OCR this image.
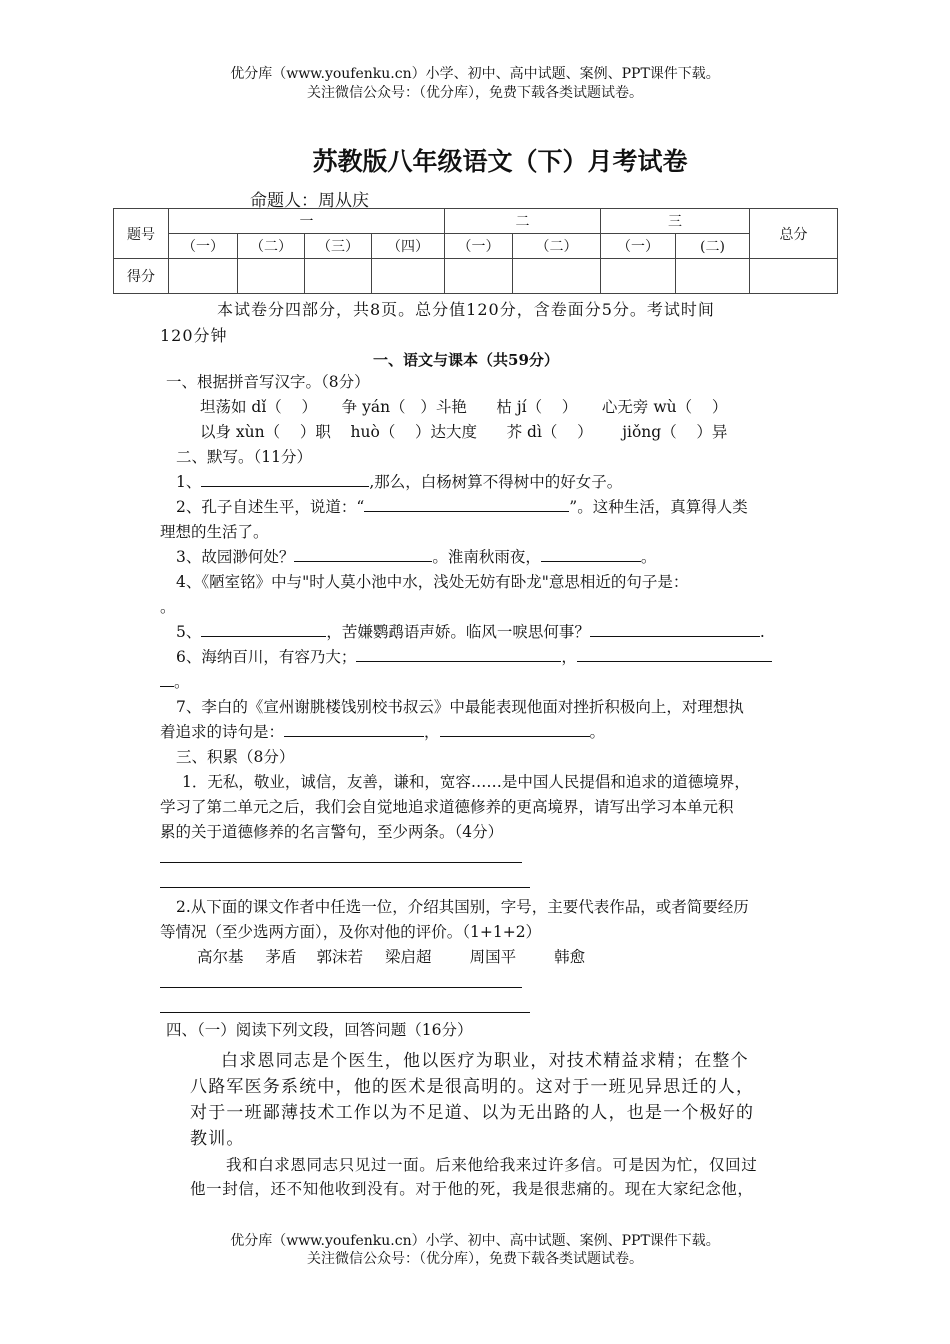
优分库（www.youfenku.cn）小学、初中、高中试题、案例、PPT课件下载。
关注微信公众号：（优分库），免费下载各类试题试卷。
苏教版八年级语文（下）月考试卷
命题人：周从庆
题号	一				二		三		总分
	（一）	（二）	（三）	（四）	（一）	（二）	（一）	(二)	
得分									
本试卷分四部分，共8页。总分值120分，含卷面分5分。考试时间
120分钟
一、语文与课本（共59分）
一、根据拼音写汉字。（8分）
坦荡如 dǐ（    ）     争 yán（   ）斗艳      枯 jí（    ）     心无旁 wù（    ）
以身 xùn（    ）职    huò（    ）达大度      芥 dì（    ）      jiǒng（    ）异
二、默写。（11分）
1、	,那么，白杨树算不得树中的好女子。
2、孔子自述生平，说道：“	”。这种生活，真算得人类
理想的生活了。
3、故园渺何处？	。淮南秋雨夜，	。
4、《陋室铭》中与"时人莫小池中水，浅处无妨有卧龙"意思相近的句子是：
。
5、	，苦嫌鹦鹉语声娇。临风一唳思何事？	.
6、海纳百川，有容乃大；	，
。
7、李白的《宣州谢朓楼饯别校书叔云》中最能表现他面对挫折积极向上，对理想执
着追求的诗句是：	，	。
三、积累（8分）
1．无私，敬业，诚信，友善，谦和，宽容……是中国人民提倡和追求的道德境界，
学习了第二单元之后，我们会自觉地追求道德修养的更高境界，请写出学习本单元积
累的关于道德修养的名言警句，至少两条。（4分）
2.从下面的课文作者中任选一位，介绍其国别，字号，主要代表作品，或者简要经历
等情况（至少选两方面），及你对他的评价。（1+1+2）
高尔基 茅盾 郭沫若 梁启超 周国平 韩愈
四、（一）阅读下列文段，回答问题（16分）
白求恩同志是个医生，他以医疗为职业，对技术精益求精；在整个
八路军医务系统中，他的医术是很高明的。这对于一班见异思迁的人，
对于一班鄙薄技术工作以为不足道、以为无出路的人，也是一个极好的
教训。
我和白求恩同志只见过一面。后来他给我来过许多信。可是因为忙，仅回过
他一封信，还不知他收到没有。对于他的死，我是很悲痛的。现在大家纪念他，
优分库（www.youfenku.cn）小学、初中、高中试题、案例、PPT课件下载。
关注微信公众号：（优分库），免费下载各类试题试卷。
